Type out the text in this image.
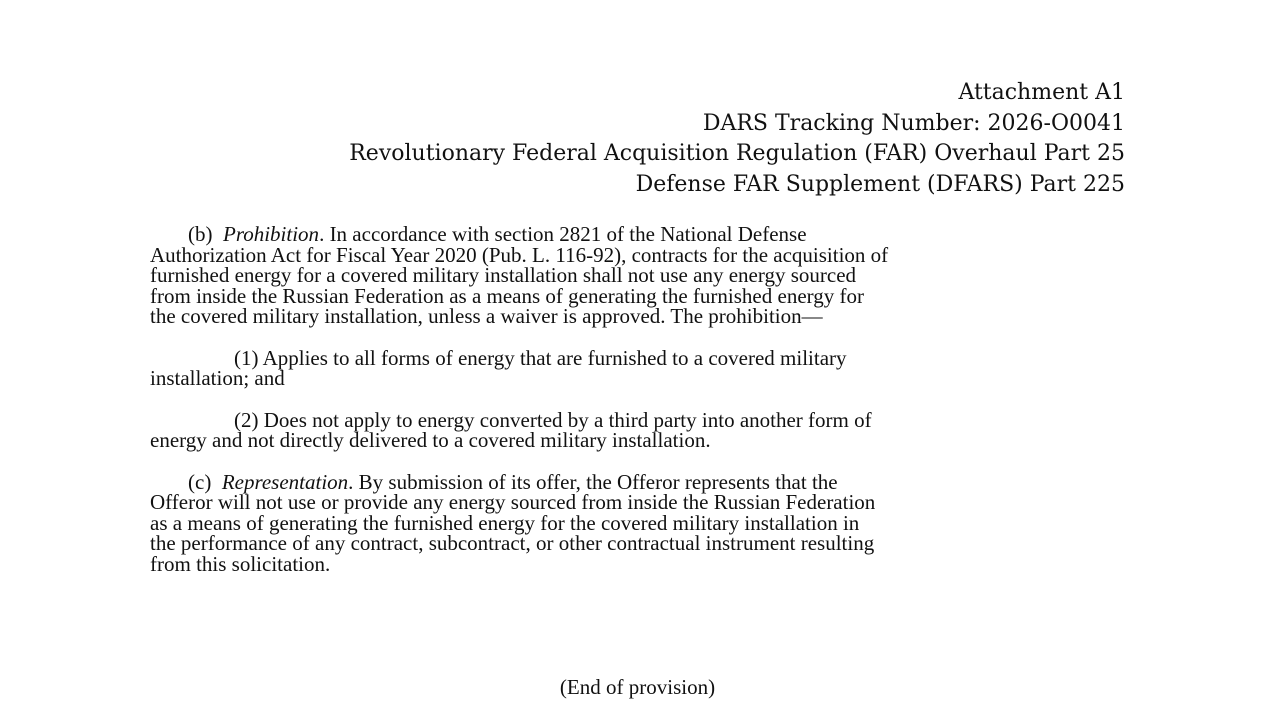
Attachment A1
DARS Tracking Number: 2026-O0041
Revolutionary Federal Acquisition Regulation (FAR) Overhaul Part 25
Defense FAR Supplement (DFARS) Part 225
(b) Prohibition. In accordance with section 2821 of the National Defense
Authorization Act for Fiscal Year 2020 (Pub. L. 116-92), contracts for the acquisition of
furnished energy for a covered military installation shall not use any energy sourced
from inside the Russian Federation as a means of generating the furnished energy for
the covered military installation, unless a waiver is approved. The prohibition—
(1) Applies to all forms of energy that are furnished to a covered military
installation; and
(2) Does not apply to energy converted by a third party into another form of
energy and not directly delivered to a covered military installation.
(c) Representation. By submission of its offer, the Offeror represents that the
Offeror will not use or provide any energy sourced from inside the Russian Federation
as a means of generating the furnished energy for the covered military installation in
the performance of any contract, subcontract, or other contractual instrument resulting
from this solicitation.
(End of provision)
